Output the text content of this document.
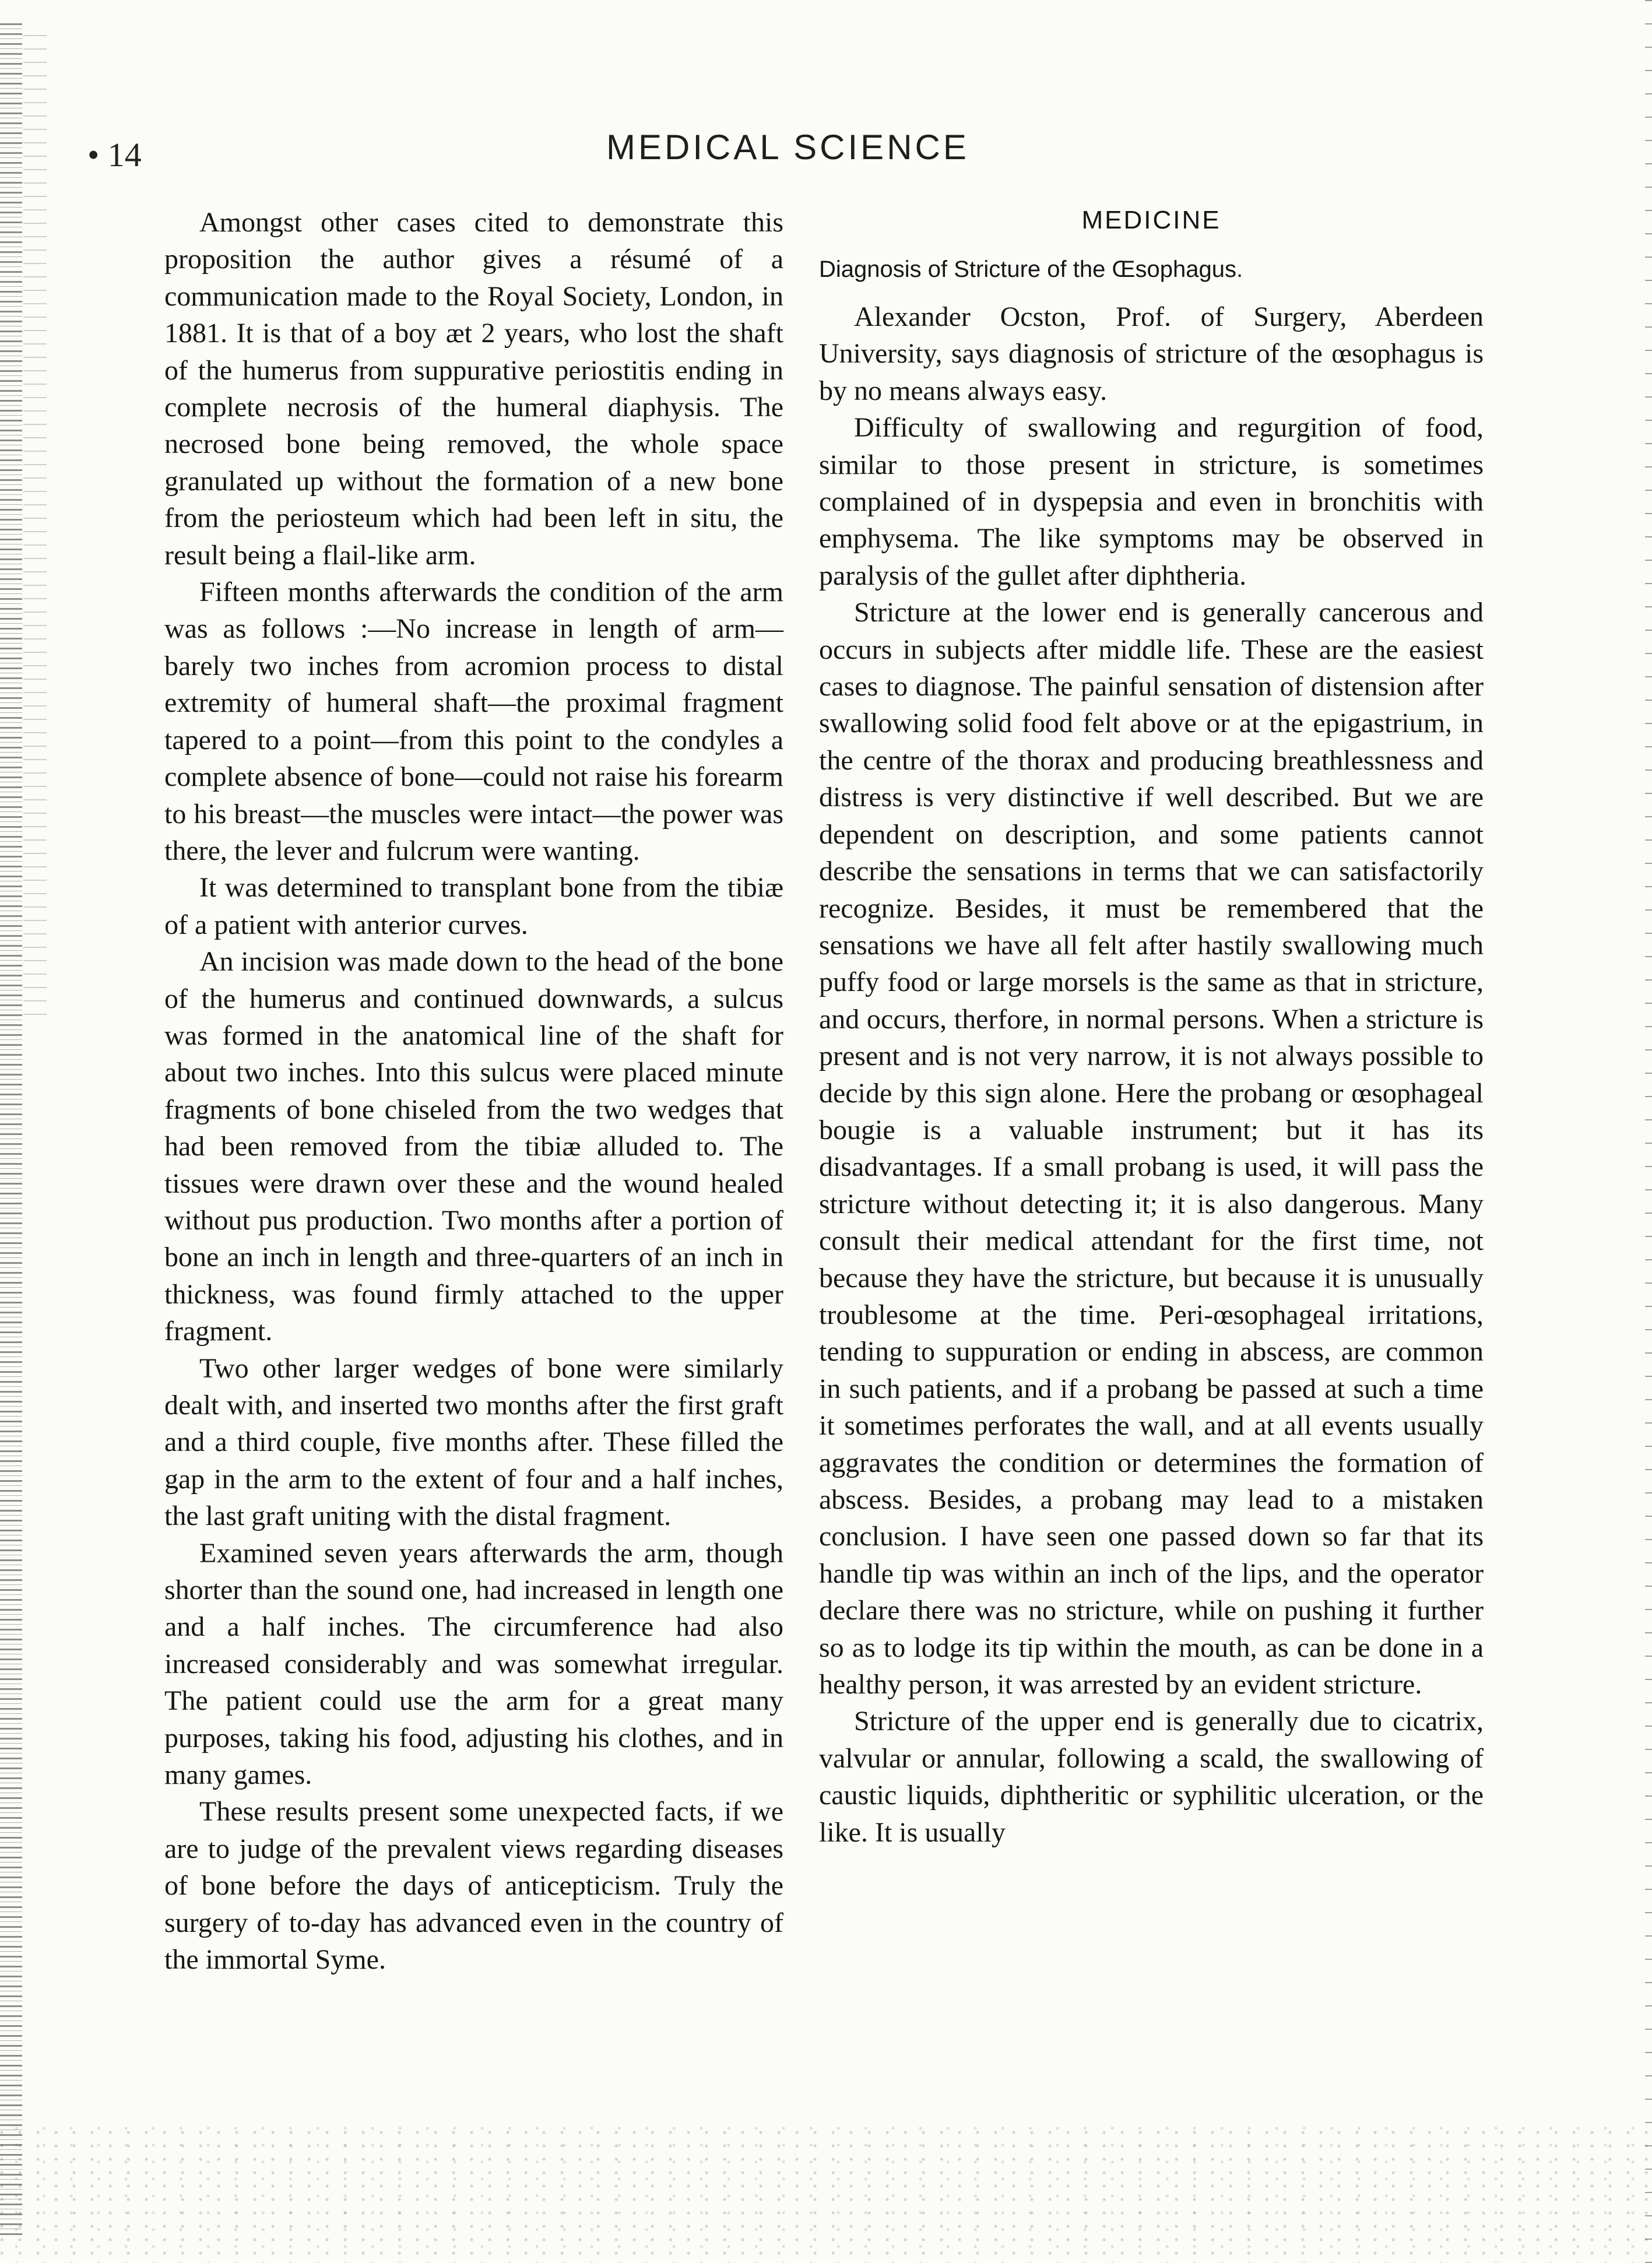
• 14	MEDICAL SCIENCE

Amongst other cases cited to demonstrate this proposition the author gives a résumé of a communication made to the Royal Society, London, in 1881. It is that of a boy æt 2 years, who lost the shaft of the humerus from suppurative periostitis ending in complete necrosis of the humeral diaphysis. The necrosed bone being removed, the whole space granulated up without the formation of a new bone from the periosteum which had been left in situ, the result being a flail-like arm.

Fifteen months afterwards the condition of the arm was as follows :—No increase in length of arm—barely two inches from acromion process to distal extremity of humeral shaft—the proximal fragment tapered to a point—from this point to the condyles a complete absence of bone—could not raise his forearm to his breast—the muscles were intact—the power was there, the lever and fulcrum were wanting.

It was determined to transplant bone from the tibiæ of a patient with anterior curves.

An incision was made down to the head of the bone of the humerus and continued downwards, a sulcus was formed in the anatomical line of the shaft for about two inches. Into this sulcus were placed minute fragments of bone chiseled from the two wedges that had been removed from the tibiæ alluded to. The tissues were drawn over these and the wound healed without pus production. Two months after a portion of bone an inch in length and three-quarters of an inch in thickness, was found firmly attached to the upper fragment.

Two other larger wedges of bone were similarly dealt with, and inserted two months after the first graft and a third couple, five months after. These filled the gap in the arm to the extent of four and a half inches, the last graft uniting with the distal fragment.

Examined seven years afterwards the arm, though shorter than the sound one, had increased in length one and a half inches. The circumference had also increased considerably and was somewhat irregular. The patient could use the arm for a great many purposes, taking his food, adjusting his clothes, and in many games.

These results present some unexpected facts, if we are to judge of the prevalent views regarding diseases of bone before the days of anticepticism. Truly the surgery of to-day has advanced even in the country of the immortal Syme.

MEDICINE
Diagnosis of Stricture of the Œsophagus.

Alexander Ocston, Prof. of Surgery, Aberdeen University, says diagnosis of stricture of the œsophagus is by no means always easy.

Difficulty of swallowing and regurgition of food, similar to those present in stricture, is sometimes complained of in dyspepsia and even in bronchitis with emphysema. The like symptoms may be observed in paralysis of the gullet after diphtheria.

Stricture at the lower end is generally cancerous and occurs in subjects after middle life. These are the easiest cases to diagnose. The painful sensation of distension after swallowing solid food felt above or at the epigastrium, in the centre of the thorax and producing breathlessness and distress is very distinctive if well described. But we are dependent on description, and some patients cannot describe the sensations in terms that we can satisfactorily recognize. Besides, it must be remembered that the sensations we have all felt after hastily swallowing much puffy food or large morsels is the same as that in stricture, and occurs, therfore, in normal persons. When a stricture is present and is not very narrow, it is not always possible to decide by this sign alone. Here the probang or œsophageal bougie is a valuable instrument; but it has its disadvantages. If a small probang is used, it will pass the stricture without detecting it; it is also dangerous. Many consult their medical attendant for the first time, not because they have the stricture, but because it is unusually troublesome at the time. Peri-œsophageal irritations, tending to suppuration or ending in abscess, are common in such patients, and if a probang be passed at such a time it sometimes perforates the wall, and at all events usually aggravates the condition or determines the formation of abscess. Besides, a probang may lead to a mistaken conclusion. I have seen one passed down so far that its handle tip was within an inch of the lips, and the operator declare there was no stricture, while on pushing it further so as to lodge its tip within the mouth, as can be done in a healthy person, it was arrested by an evident stricture.

Stricture of the upper end is generally due to cicatrix, valvular or annular, following a scald, the swallowing of caustic liquids, diphtheritic or syphilitic ulceration, or the like. It is usually
